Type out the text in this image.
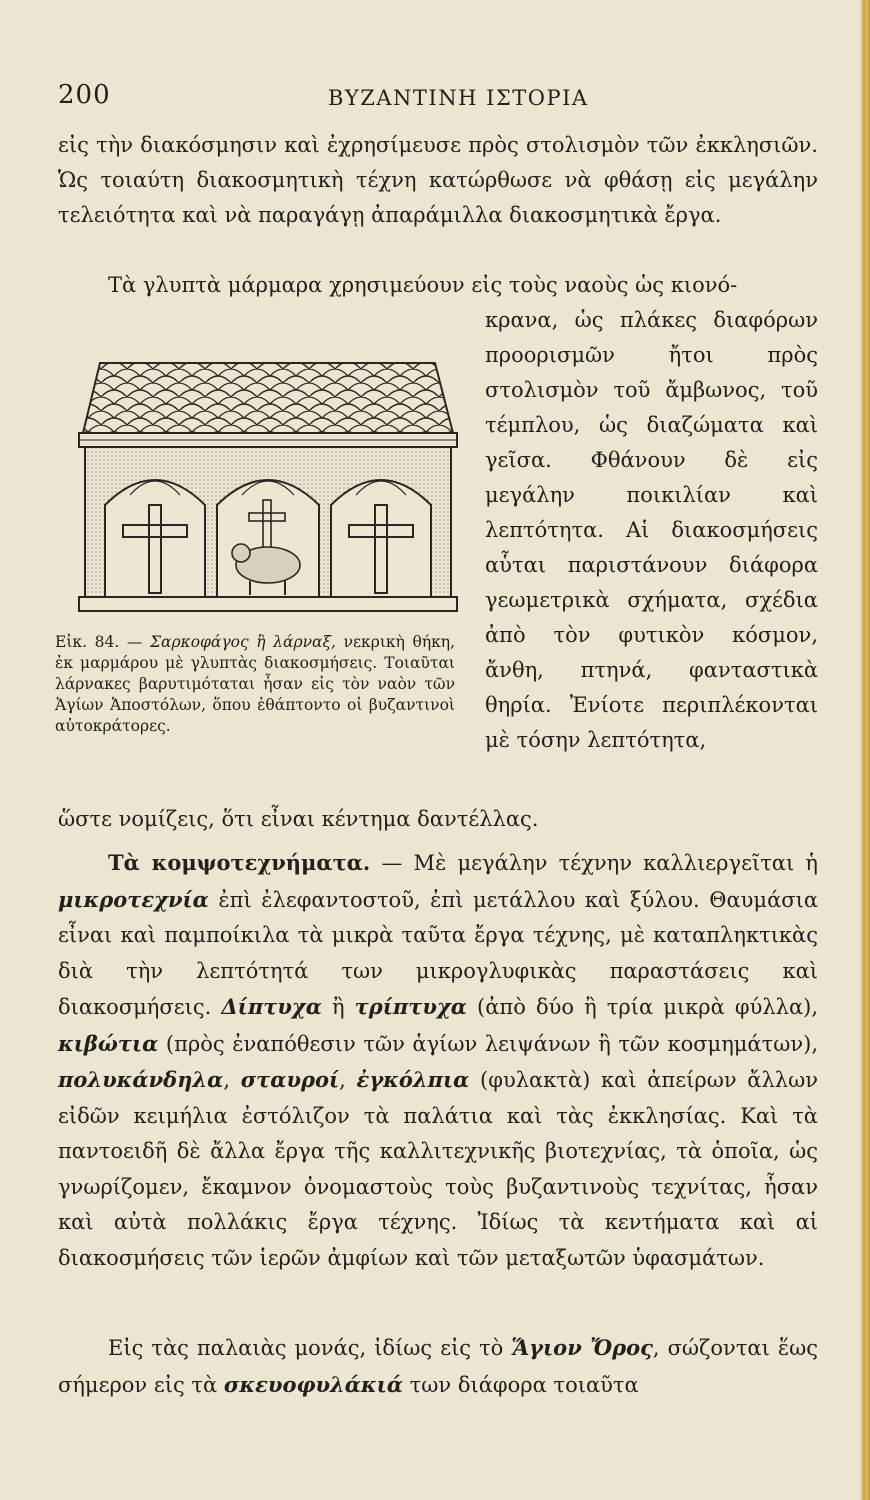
200	ΒΥΖΑΝΤΙΝΗ ΙΣΤΟΡΙΑ

εἰς τὴν διακόσμησιν καὶ ἐχρησίμευσε πρὸς στολισμὸν τῶν ἐκκλησιῶν. Ὡς τοιαύτη διακοσμητικὴ τέχνη κατώρθωσε νὰ φθάσῃ εἰς μεγάλην τελειότητα καὶ νὰ παραγάγῃ ἀπαράμιλλα διακοσμητικὰ ἔργα.

Τὰ γλυπτὰ μάρμαρα χρησιμεύουν εἰς τοὺς ναοὺς ὡς κιονό-

κρανα, ὡς πλάκες διαφόρων προορισμῶν ἤτοι πρὸς στολισμὸν τοῦ ἄμβωνος, τοῦ τέμπλου, ὡς διαζώματα καὶ γεῖσα. Φθάνουν δὲ εἰς μεγάλην ποικιλίαν καὶ λεπτότητα. Αἱ διακοσμήσεις αὗται παριστάνουν διάφορα γεωμετρικὰ σχήματα, σχέδια ἀπὸ τὸν φυτικὸν κόσμον, ἄνθη, πτηνά, φανταστικὰ θηρία. Ἐνίοτε περιπλέκονται μὲ τόσην λεπτότητα,

Εἰκ. 84. — Σαρκοφάγος ἢ λάρναξ, νεκρικὴ θήκη, ἐκ μαρμάρου μὲ γλυπτὰς διακοσμήσεις. Τοιαῦται λάρνακες βαρυτιμόταται ἦσαν εἰς τὸν ναὸν τῶν Ἁγίων Ἀποστόλων, ὅπου ἐθάπτοντο οἱ βυζαντινοὶ αὐτοκράτορες.

ὥστε νομίζεις, ὅτι εἶναι κέντημα δαντέλλας.

Τὰ κομψοτεχνήματα. — Μὲ μεγάλην τέχνην καλλιεργεῖται ἡ μικροτεχνία ἐπὶ ἐλεφαντοστοῦ, ἐπὶ μετάλλου καὶ ξύλου. Θαυμάσια εἶναι καὶ παμποίκιλα τὰ μικρὰ ταῦτα ἔργα τέχνης, μὲ καταπληκτικὰς διὰ τὴν λεπτότητά των μικρογλυφικὰς παραστάσεις καὶ διακοσμήσεις. Δίπτυχα ἢ τρίπτυχα (ἀπὸ δύο ἢ τρία μικρὰ φύλλα), κιβώτια (πρὸς ἐναπόθεσιν τῶν ἁγίων λειψάνων ἢ τῶν κοσμημάτων), πολυκάνδηλα, σταυροί, ἐγκόλπια (φυλακτὰ) καὶ ἀπείρων ἄλλων εἰδῶν κειμήλια ἐστόλιζον τὰ παλάτια καὶ τὰς ἐκκλησίας. Καὶ τὰ παντοειδῆ δὲ ἄλλα ἔργα τῆς καλλιτεχνικῆς βιοτεχνίας, τὰ ὁποῖα, ὡς γνωρίζομεν, ἔκαμνον ὀνομαστοὺς τοὺς βυζαντινοὺς τεχνίτας, ἦσαν καὶ αὐτὰ πολλάκις ἔργα τέχνης. Ἰδίως τὰ κεντήματα καὶ αἱ διακοσμήσεις τῶν ἱερῶν ἀμφίων καὶ τῶν μεταξωτῶν ὑφασμάτων.

Εἰς τὰς παλαιὰς μονάς, ἰδίως εἰς τὸ Ἅγιον Ὄρος, σώζονται ἕως σήμερον εἰς τὰ σκευοφυλάκιά των διάφορα τοιαῦτα
